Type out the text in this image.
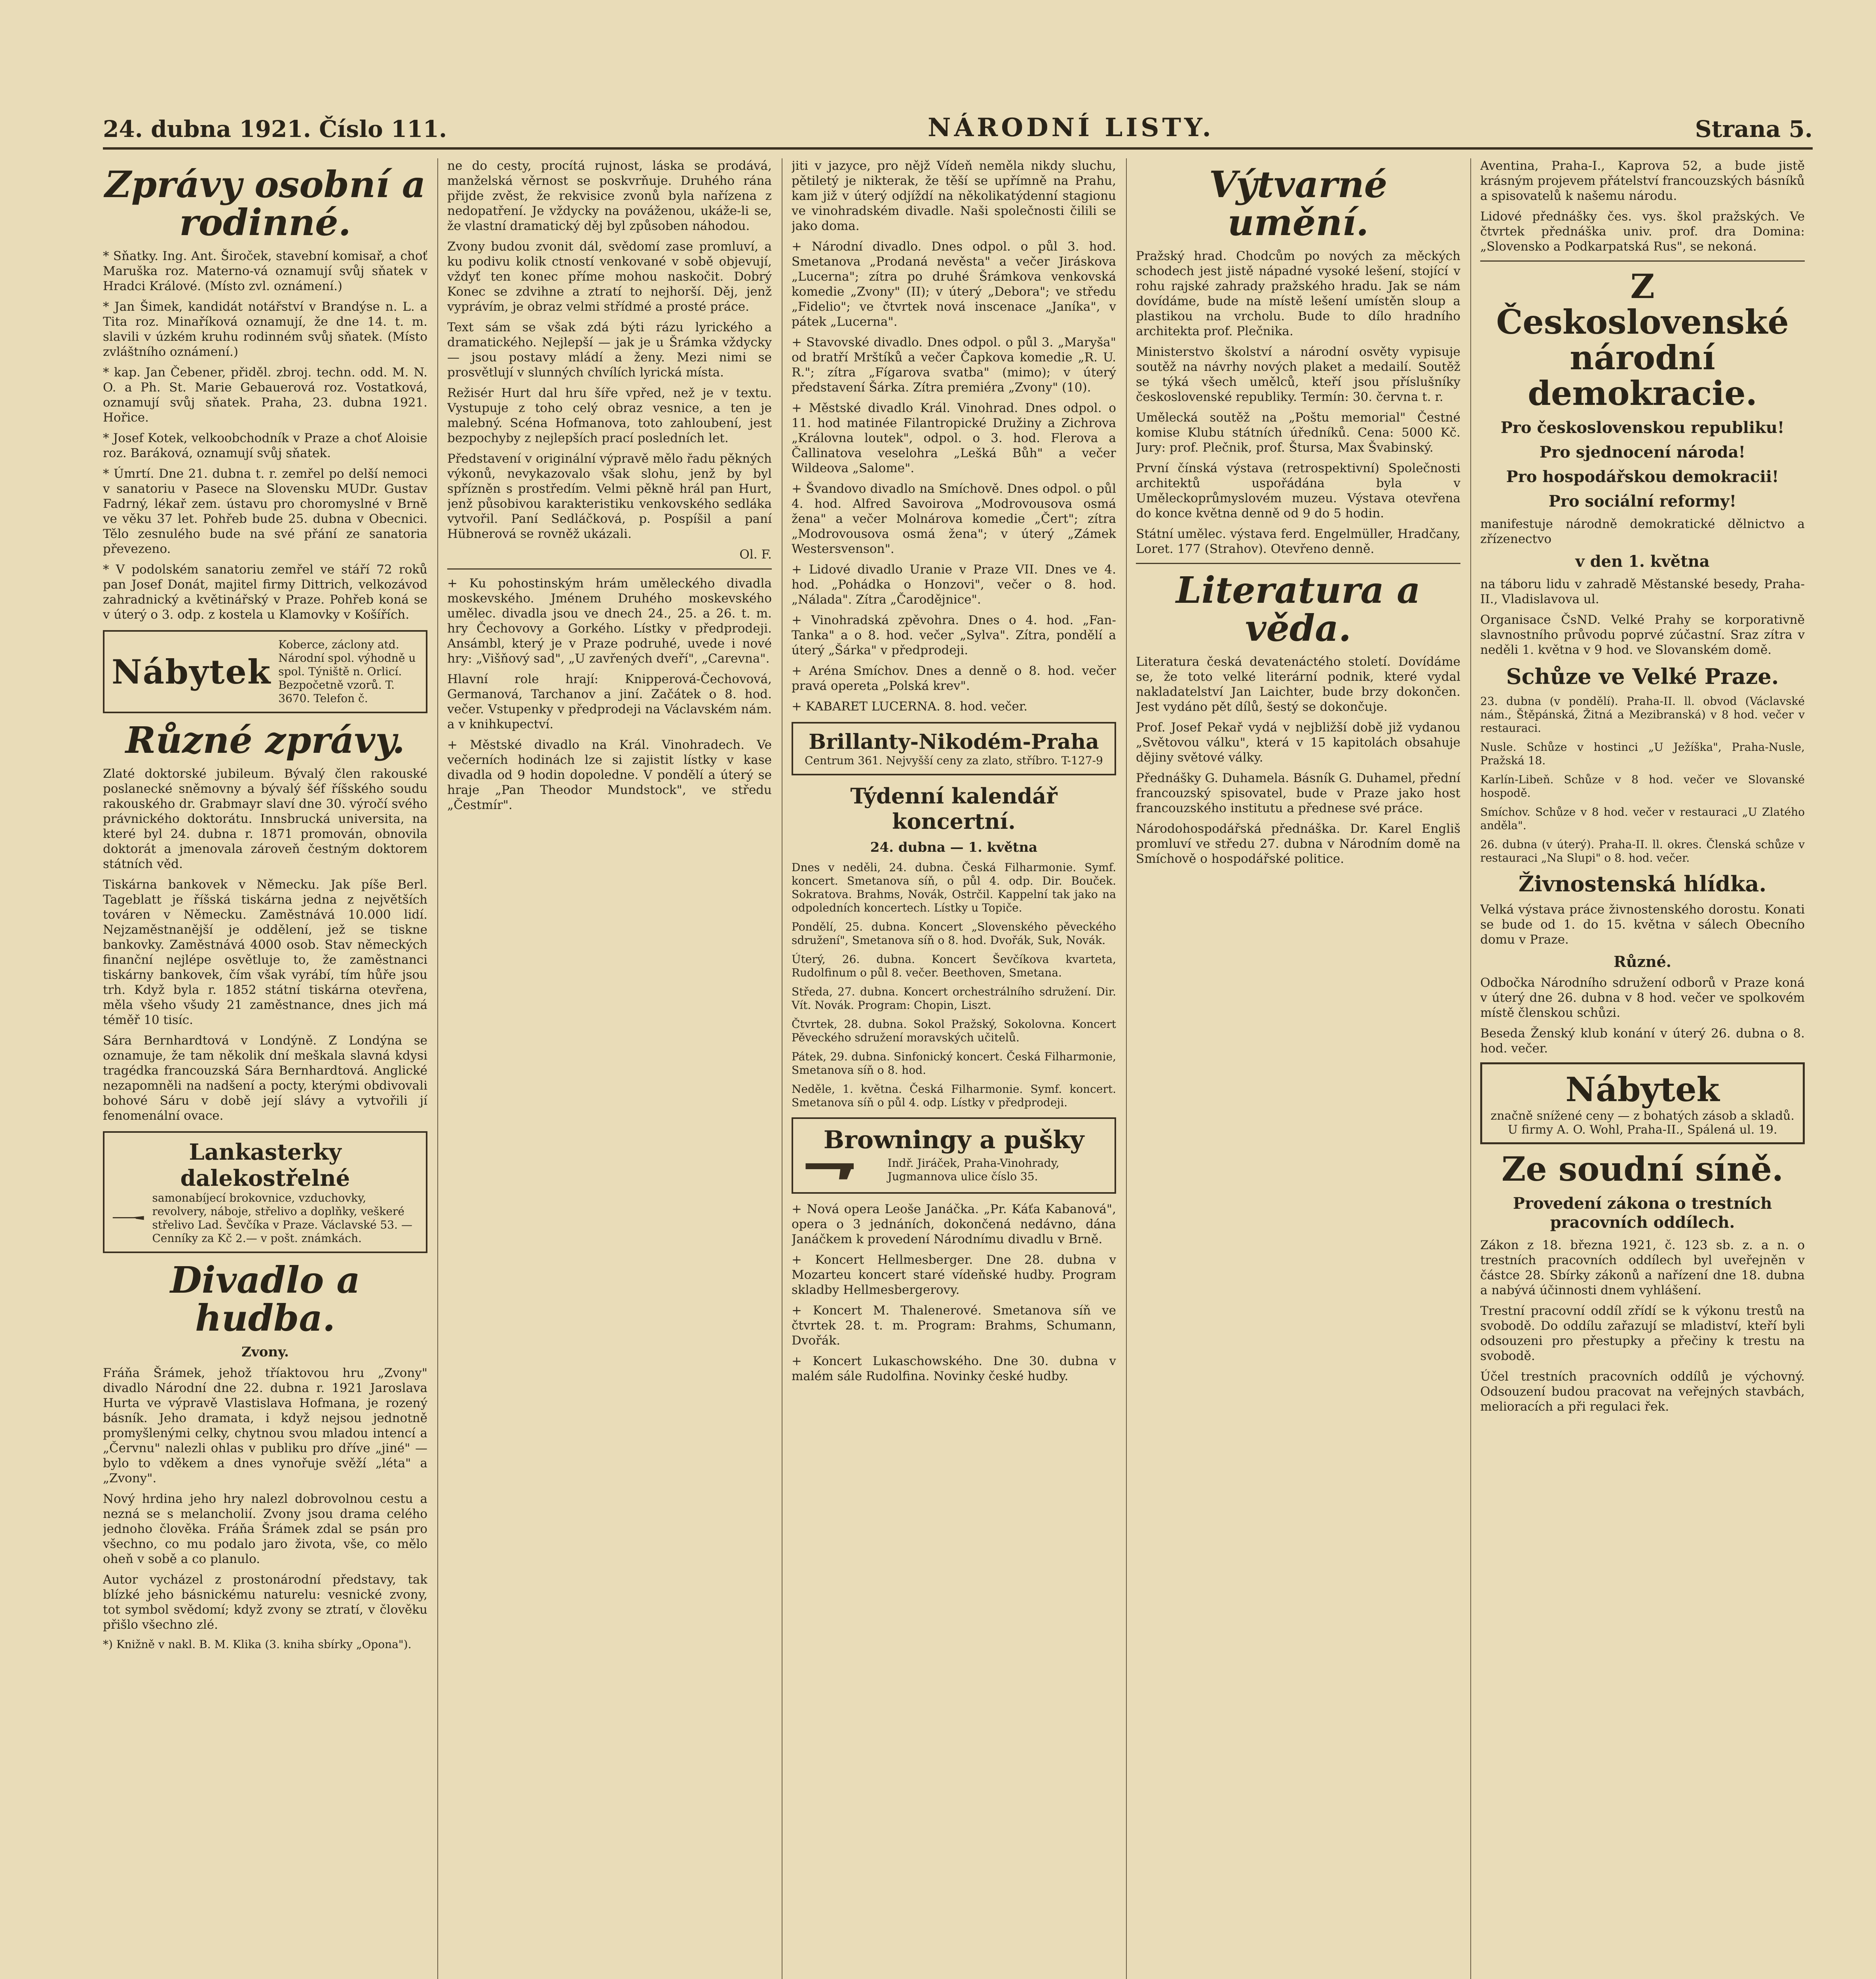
24. dubna 1921. Číslo 111.	NÁRODNÍ LISTY.	Strana 5.
Zprávy osobní a rodinné.

* Sňatky. Ing. Ant. Široček, stavební komisař, a choť Maruška roz. Materno-vá oznamují svůj sňatek v Hradci Králové. (Místo zvl. oznámení.)

* Jan Šimek, kandidát notářství v Brandýse n. L. a Tita roz. Minaříková oznamují, že dne 14. t. m. slavili v úzkém kruhu rodinném svůj sňatek. (Místo zvláštního oznámení.)

* kap. Jan Čebener, přiděl. zbroj. techn. odd. M. N. O. a Ph. St. Marie Gebauerová roz. Vostatková, oznamují svůj sňatek. Praha, 23. dubna 1921. Hořice.

* Josef Kotek, velkoobchodník v Praze a choť Aloisie roz. Baráková, oznamují svůj sňatek.

* Úmrtí. Dne 21. dubna t. r. zemřel po delší nemoci v sanatoriu v Pasece na Slovensku MUDr. Gustav Fadrný, lékař zem. ústavu pro choromyslné v Brně ve věku 37 let. Pohřeb bude 25. dubna v Obecnici. Tělo zesnulého bude na své přání ze sanatoria převezeno.

* V podolském sanatoriu zemřel ve stáří 72 roků pan Josef Donát, majitel firmy Dittrich, velkozávod zahradnický a květinářský v Praze. Pohřeb koná se v úterý o 3. odp. z kostela u Klamovky v Košířích.

Nábytek
Koberce, záclony atd. Národní spol. výhodně u spol. Týniště n. Orlicí. Bezpočetně vzorů. T. 3670. Telefon č.
Různé zprávy.

Zlaté doktorské jubileum. Bývalý člen rakouské poslanecké sněmovny a bývalý šéf říšského soudu rakouského dr. Grabmayr slaví dne 30. výročí svého právnického doktorátu. Innsbrucká universita, na které byl 24. dubna r. 1871 promován, obnovila doktorát a jmenovala zároveň čestným doktorem státních věd.

Tiskárna bankovek v Německu. Jak píše Berl. Tageblatt je říšská tiskárna jedna z největších továren v Německu. Zaměstnává 10.000 lidí. Nejzaměstnanější je oddělení, jež se tiskne bankovky. Zaměstnává 4000 osob. Stav německých finanční nejlépe osvětluje to, že zaměstnanci tiskárny bankovek, čím však vyrábí, tím hůře jsou trh. Když byla r. 1852 státní tiskárna otevřena, měla všeho všudy 21 zaměstnance, dnes jich má téměř 10 tisíc.

Sára Bernhardtová v Londýně. Z Londýna se oznamuje, že tam několik dní meškala slavná kdysi tragédka francouzská Sára Bernhardtová. Anglické nezapomněli na nadšení a pocty, kterými obdivovali bohové Sáru v době její slávy a vytvořili jí fenomenální ovace.

Lankasterky dalekostřelné
samonabíjecí brokovnice, vzduchovky, revolvery, náboje, střelivo a doplňky, veškeré střelivo Lad. Ševčíka v Praze. Václavské 53. — Cenníky za Kč 2.— v pošt. známkách.
Divadlo a hudba.
Zvony.

Fráňa Šrámek, jehož tříaktovou hru „Zvony" divadlo Národní dne 22. dubna r. 1921 Jaroslava Hurta ve výpravě Vlastislava Hofmana, je rozený básník. Jeho dramata, i když nejsou jednotně promyšlenými celky, chytnou svou mladou intencí a „Červnu" nalezli ohlas v publiku pro dříve „jiné" — bylo to vděkem a dnes vynořuje svěží „léta" a „Zvony".

Nový hrdina jeho hry nalezl dobrovolnou cestu a nezná se s melancholií. Zvony jsou drama celého jednoho člověka. Fráňa Šrámek zdal se psán pro všechno, co mu podalo jaro života, vše, co mělo oheň v sobě a co planulo.

Autor vycházel z prostonárodní představy, tak blízké jeho básnickému naturelu: vesnické zvony, tot symbol svědomí; když zvony se ztratí, v člověku přišlo všechno zlé.

*) Knižně v nakl. B. M. Klika (3. kniha sbírky „Opona").

ne do cesty, procítá rujnost, láska se prodává, manželská věrnost se poskvrňuje. Druhého rána přijde zvěst, že rekvisice zvonů byla nařízena z nedopatření. Je vždycky na pováženou, ukáže-li se, že vlastní dramatický děj byl způsoben náhodou.

Zvony budou zvonit dál, svědomí zase promluví, a ku podivu kolik ctností venkované v sobě objevují, vždyť ten konec příme mohou naskočit. Dobrý Konec se zdvihne a ztratí to nejhorší. Děj, jenž vyprávím, je obraz velmi střídmé a prosté práce.

Text sám se však zdá býti rázu lyrického a dramatického. Nejlepší — jak je u Šrámka vždycky — jsou postavy mládí a ženy. Mezi nimi se prosvětlují v slunných chvílích lyrická místa.

Režisér Hurt dal hru šíře vpřed, než je v textu. Vystupuje z toho celý obraz vesnice, a ten je malebný. Scéna Hofmanova, toto zahloubení, jest bezpochyby z nejlepších prací posledních let.

Představení v originální výpravě mělo řadu pěkných výkonů, nevykazovalo však slohu, jenž by byl spřízněn s prostředím. Velmi pěkně hrál pan Hurt, jenž působivou karakteristiku venkovského sedláka vytvořil. Paní Sedláčková, p. Pospíšil a paní Hübnerová se rovněž ukázali.

Ol. F.

+ Ku pohostinským hrám uměleckého divadla moskevského. Jménem Druhého moskevského umělec. divadla jsou ve dnech 24., 25. a 26. t. m. hry Čechovovy a Gorkého. Lístky v předprodeji. Ansámbl, který je v Praze podruhé, uvede i nové hry: „Višňový sad", „U zavřených dveří", „Carevna".

Hlavní role hrají: Knipperová-Čechovová, Germanová, Tarchanov a jiní. Začátek o 8. hod. večer. Vstupenky v předprodeji na Václavském nám. a v knihkupectví.

+ Městské divadlo na Král. Vinohradech. Ve večerních hodinách lze si zajistit lístky v kase divadla od 9 hodin dopoledne. V pondělí a úterý se hraje „Pan Theodor Mundstock", ve středu „Čestmír".

jiti v jazyce, pro nějž Vídeň neměla nikdy sluchu, pětiletý je nikterak, že těší se upřímně na Prahu, kam již v úterý odjíždí na několikatýdenní stagionu ve vinohradském divadle. Naši společnosti čilili se jako doma.

+ Národní divadlo. Dnes odpol. o půl 3. hod. Smetanova „Prodaná nevěsta" a večer Jiráskova „Lucerna"; zítra po druhé Šrámkova venkovská komedie „Zvony" (II); v úterý „Debora"; ve středu „Fidelio"; ve čtvrtek nová inscenace „Janíka", v pátek „Lucerna".

+ Stavovské divadlo. Dnes odpol. o půl 3. „Maryša" od bratří Mrštíků a večer Čapkova komedie „R. U. R."; zítra „Fígarova svatba" (mimo); v úterý představení Šárka. Zítra premiéra „Zvony" (10).

+ Městské divadlo Král. Vinohrad. Dnes odpol. o 11. hod matinée Filantropické Družiny a Zichrova „Královna loutek", odpol. o 3. hod. Flerova a Čallinatova veselohra „Lešká Bůh" a večer Wildeova „Salome".

+ Švandovo divadlo na Smíchově. Dnes odpol. o půl 4. hod. Alfred Savoirova „Modrovousova osmá žena" a večer Molnárova komedie „Čert"; zítra „Modrovousova osmá žena"; v úterý „Zámek Westersvenson".

+ Lidové divadlo Uranie v Praze VII. Dnes ve 4. hod. „Pohádka o Honzovi", večer o 8. hod. „Nálada". Zítra „Čarodějnice".

+ Vinohradská zpěvohra. Dnes o 4. hod. „Fan-Tanka" a o 8. hod. večer „Sylva". Zítra, pondělí a úterý „Šárka" v předprodeji.

+ Aréna Smíchov. Dnes a denně o 8. hod. večer pravá opereta „Polská krev".

+ KABARET LUCERNA. 8. hod. večer.

Brillanty-Nikodém-Praha
Centrum 361. Nejvyšší ceny za zlato, stříbro. T-127-9
Týdenní kalendář koncertní.
24. dubna — 1. května

Dnes v neděli, 24. dubna. Česká Filharmonie. Symf. koncert. Smetanova síň, o půl 4. odp. Dir. Bouček. Sokratova. Brahms, Novák, Ostrčil. Kappelní tak jako na odpoledních koncertech. Lístky u Topiče.

Pondělí, 25. dubna. Koncert „Slovenského pěveckého sdružení", Smetanova síň o 8. hod. Dvořák, Suk, Novák.

Úterý, 26. dubna. Koncert Ševčíkova kvarteta, Rudolfinum o půl 8. večer. Beethoven, Smetana.

Středa, 27. dubna. Koncert orchestrálního sdružení. Dir. Vít. Novák. Program: Chopin, Liszt.

Čtvrtek, 28. dubna. Sokol Pražský, Sokolovna. Koncert Pěveckého sdružení moravských učitelů.

Pátek, 29. dubna. Sinfonický koncert. Česká Filharmonie, Smetanova síň o 8. hod.

Neděle, 1. května. Česká Filharmonie. Symf. koncert. Smetanova síň o půl 4. odp. Lístky v předprodeji.

Browningy a pušky
Indř. Jiráček, Praha-Vinohrady, Jugmannova ulice číslo 35.

+ Nová opera Leoše Janáčka. „Pr. Káťa Kabanová", opera o 3 jednáních, dokončená nedávno, dána Janáčkem k provedení Národnímu divadlu v Brně.

+ Koncert Hellmesberger. Dne 28. dubna v Mozarteu koncert staré vídeňské hudby. Program skladby Hellmesbergerovy.

+ Koncert M. Thalenerové. Smetanova síň ve čtvrtek 28. t. m. Program: Brahms, Schumann, Dvořák.

+ Koncert Lukaschowského. Dne 30. dubna v malém sále Rudolfina. Novinky české hudby.

Výtvarné umění.

Pražský hrad. Chodcům po nových za měckých schodech jest jistě nápadné vysoké lešení, stojící v rohu rajské zahrady pražského hradu. Jak se nám dovídáme, bude na místě lešení umístěn sloup a plastikou na vrcholu. Bude to dílo hradního architekta prof. Plečnika.

Ministerstvo školství a národní osvěty vypisuje soutěž na návrhy nových plaket a medailí. Soutěž se týká všech umělců, kteří jsou příslušníky československé republiky. Termín: 30. června t. r.

Umělecká soutěž na „Poštu memorial" Čestné komise Klubu státních úředníků. Cena: 5000 Kč. Jury: prof. Plečnik, prof. Štursa, Max Švabinský.

První čínská výstava (retrospektivní) Společnosti architektů uspořádána byla v Uměleckoprůmyslovém muzeu. Výstava otevřena do konce května denně od 9 do 5 hodin.

Státní umělec. výstava ferd. Engelmüller, Hradčany, Loret. 177 (Strahov). Otevřeno denně.

Literatura a věda.

Literatura česká devatenáctého století. Dovídáme se, že toto velké literární podnik, které vydal nakladatelství Jan Laichter, bude brzy dokončen. Jest vydáno pět dílů, šestý se dokončuje.

Prof. Josef Pekař vydá v nejbližší době již vydanou „Světovou válku", která v 15 kapitolách obsahuje dějiny světové války.

Přednášky G. Duhamela. Básník G. Duhamel, přední francouzský spisovatel, bude v Praze jako host francouzského institutu a přednese své práce.

Národohospodářská přednáška. Dr. Karel Engliš promluví ve středu 27. dubna v Národním domě na Smíchově o hospodářské politice.

Aventina, Praha-I., Kaprova 52, a bude jistě krásným projevem přátelství francouzských básníků a spisovatelů k našemu národu.

Lidové přednášky čes. vys. škol pražských. Ve čtvrtek přednáška univ. prof. dra Domina: „Slovensko a Podkarpatská Rus", se nekoná.

Z Československé národní demokracie.
Pro československou republiku!
Pro sjednocení národa!
Pro hospodářskou demokracii!
Pro sociální reformy!

manifestuje národně demokratické dělnictvo a zřízenectvo

v den 1. května

na táboru lidu v zahradě Městanské besedy, Praha-II., Vladislavova ul.

Organisace ČsND. Velké Prahy se korporativně slavnostního průvodu poprvé zúčastní. Sraz zítra v neděli 1. května v 9 hod. ve Slovanském domě.

Schůze ve Velké Praze.

23. dubna (v pondělí). Praha-II. ll. obvod (Václavské nám., Štěpánská, Žitná a Mezibranská) v 8 hod. večer v restauraci.

Nusle. Schůze v hostinci „U Ježíška", Praha-Nusle, Pražská 18.

Karlín-Libeň. Schůze v 8 hod. večer ve Slovanské hospodě.

Smíchov. Schůze v 8 hod. večer v restauraci „U Zlatého anděla".

26. dubna (v úterý). Praha-II. ll. okres. Členská schůze v restauraci „Na Slupi" o 8. hod. večer.

Živnostenská hlídka.

Velká výstava práce živnostenského dorostu. Konati se bude od 1. do 15. května v sálech Obecního domu v Praze.

Různé.

Odbočka Národního sdružení odborů v Praze koná v úterý dne 26. dubna v 8 hod. večer ve spolkovém místě členskou schůzi.

Beseda Ženský klub konání v úterý 26. dubna o 8. hod. večer.

Nábytek
značně snížené ceny — z bohatých zásob a skladů. U firmy A. O. Wohl, Praha-II., Spálená ul. 19.
Ze soudní síně.
Provedení zákona o trestních pracovních oddílech.

Zákon z 18. března 1921, č. 123 sb. z. a n. o trestních pracovních oddílech byl uveřejněn v částce 28. Sbírky zákonů a nařízení dne 18. dubna a nabývá účinnosti dnem vyhlášení.

Trestní pracovní oddíl zřídí se k výkonu trestů na svobodě. Do oddílu zařazují se mladiství, kteří byli odsouzeni pro přestupky a přečiny k trestu na svobodě.

Účel trestních pracovních oddílů je výchovný. Odsouzení budou pracovat na veřejných stavbách, melioracích a při regulaci řek.
